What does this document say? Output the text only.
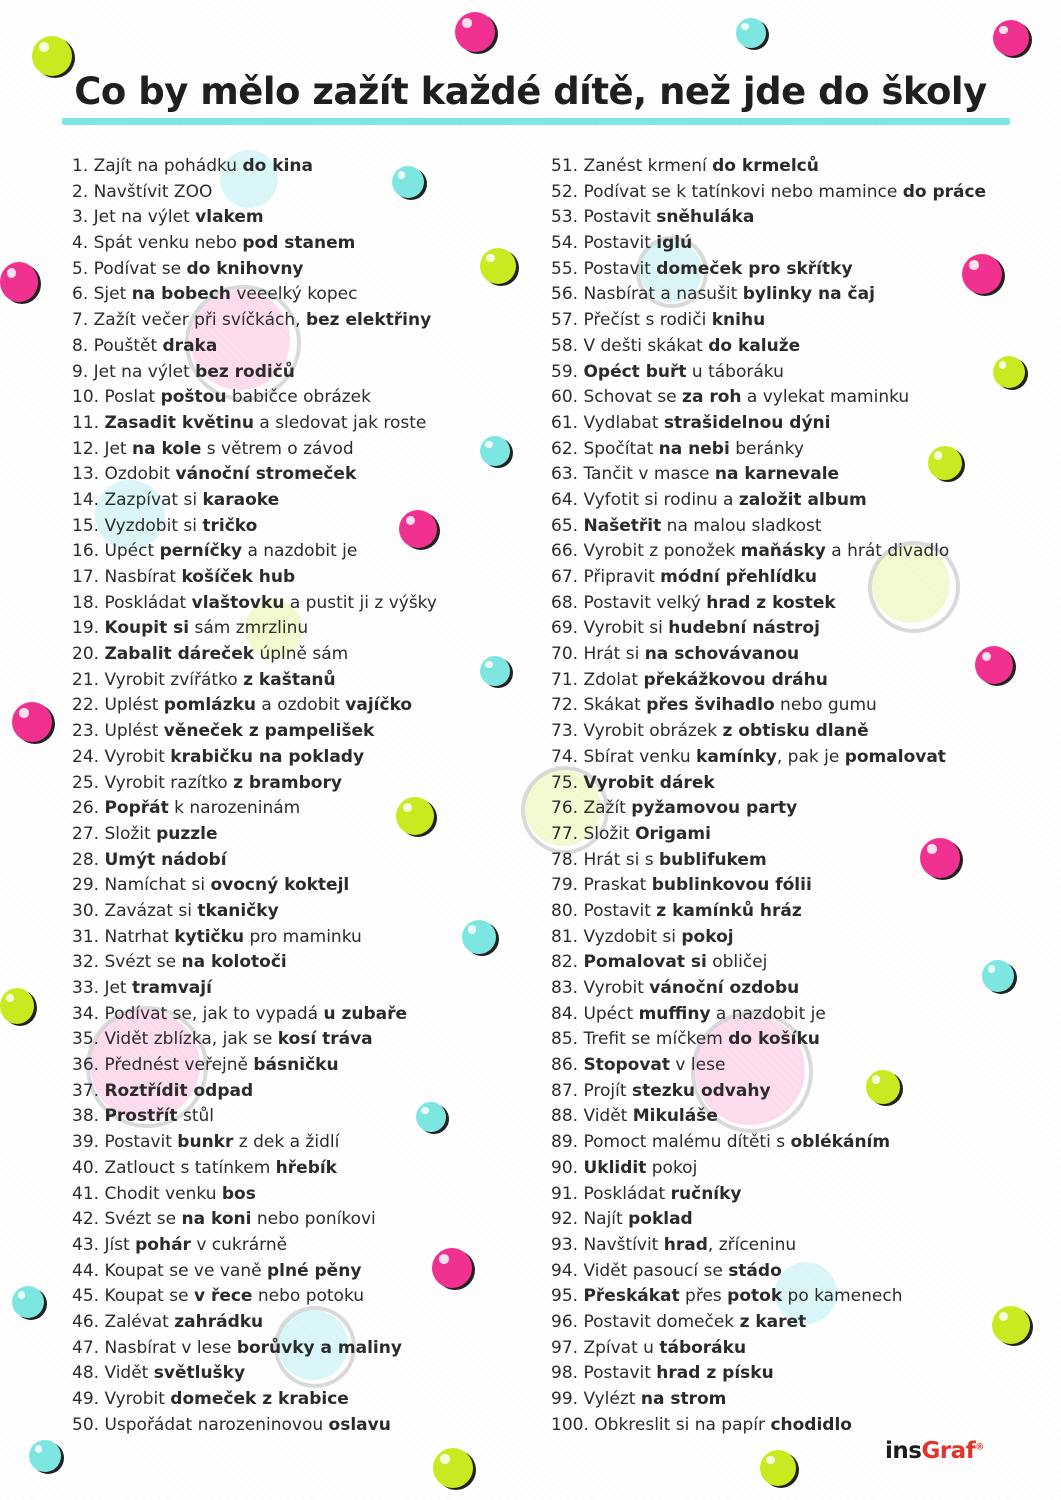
Co by mělo zažít každé dítě, než jde do školy
1. Zajít na pohádku do kina
2. Navštívit ZOO
3. Jet na výlet vlakem
4. Spát venku nebo pod stanem
5. Podívat se do knihovny
6. Sjet na bobech veeelký kopec
7. Zažít večer při svíčkách, bez elektřiny
8. Pouštět draka
9. Jet na výlet bez rodičů
10. Poslat poštou babičce obrázek
11. Zasadit květinu a sledovat jak roste
12. Jet na kole s větrem o závod
13. Ozdobit vánoční stromeček
14. Zazpívat si karaoke
15. Vyzdobit si tričko
16. Upéct perníčky a nazdobit je
17. Nasbírat košíček hub
18. Poskládat vlaštovku a pustit ji z výšky
19. Koupit si sám zmrzlinu
20. Zabalit dáreček úplně sám
21. Vyrobit zvířátko z kaštanů
22. Uplést pomlázku a ozdobit vajíčko
23. Uplést věneček z pampelišek
24. Vyrobit krabičku na poklady
25. Vyrobit razítko z brambory
26. Popřát k narozeninám
27. Složit puzzle
28. Umýt nádobí
29. Namíchat si ovocný koktejl
30. Zavázat si tkaničky
31. Natrhat kytičku pro maminku
32. Svézt se na kolotoči
33. Jet tramvají
34. Podívat se, jak to vypadá u zubaře
35. Vidět zblízka, jak se kosí tráva
36. Přednést veřejně básničku
37. Roztřídit odpad
38. Prostřít stůl
39. Postavit bunkr z dek a židlí
40. Zatlouct s tatínkem hřebík
41. Chodit venku bos
42. Svézt se na koni nebo poníkovi
43. Jíst pohár v cukrárně
44. Koupat se ve vaně plné pěny
45. Koupat se v řece nebo potoku
46. Zalévat zahrádku
47. Nasbírat v lese borůvky a maliny
48. Vidět světlušky
49. Vyrobit domeček z krabice
50. Uspořádat narozeninovou oslavu
51. Zanést krmení do krmelců
52. Podívat se k tatínkovi nebo mamince do práce
53. Postavit sněhuláka
54. Postavit iglú
55. Postavit domeček pro skřítky
56. Nasbírat a nasušit bylinky na čaj
57. Přečíst s rodiči knihu
58. V dešti skákat do kaluže
59. Opéct buřt u táboráku
60. Schovat se za roh a vylekat maminku
61. Vydlabat strašidelnou dýni
62. Spočítat na nebi beránky
63. Tančit v masce na karnevale
64. Vyfotit si rodinu a založit album
65. Našetřit na malou sladkost
66. Vyrobit z ponožek maňásky a hrát divadlo
67. Připravit módní přehlídku
68. Postavit velký hrad z kostek
69. Vyrobit si hudební nástroj
70. Hrát si na schovávanou
71. Zdolat překážkovou dráhu
72. Skákat přes švihadlo nebo gumu
73. Vyrobit obrázek z obtisku dlaně
74. Sbírat venku kamínky, pak je pomalovat
75. Vyrobit dárek
76. Zažít pyžamovou party
77. Složit Origami
78. Hrát si s bublifukem
79. Praskat bublinkovou fólii
80. Postavit z kamínků hráz
81. Vyzdobit si pokoj
82. Pomalovat si obličej
83. Vyrobit vánoční ozdobu
84. Upéct muffiny a nazdobit je
85. Trefit se míčkem do košíku
86. Stopovat v lese
87. Projít stezku odvahy
88. Vidět Mikuláše
89. Pomoct malému dítěti s oblékáním
90. Uklidit pokoj
91. Poskládat ručníky
92. Najít poklad
93. Navštívit hrad, zříceninu
94. Vidět pasoucí se stádo
95. Přeskákat přes potok po kamenech
96. Postavit domeček z karet
97. Zpívat u táboráku
98. Postavit hrad z písku
99. Vylézt na strom
100. Obkreslit si na papír chodidlo
insGraf®
